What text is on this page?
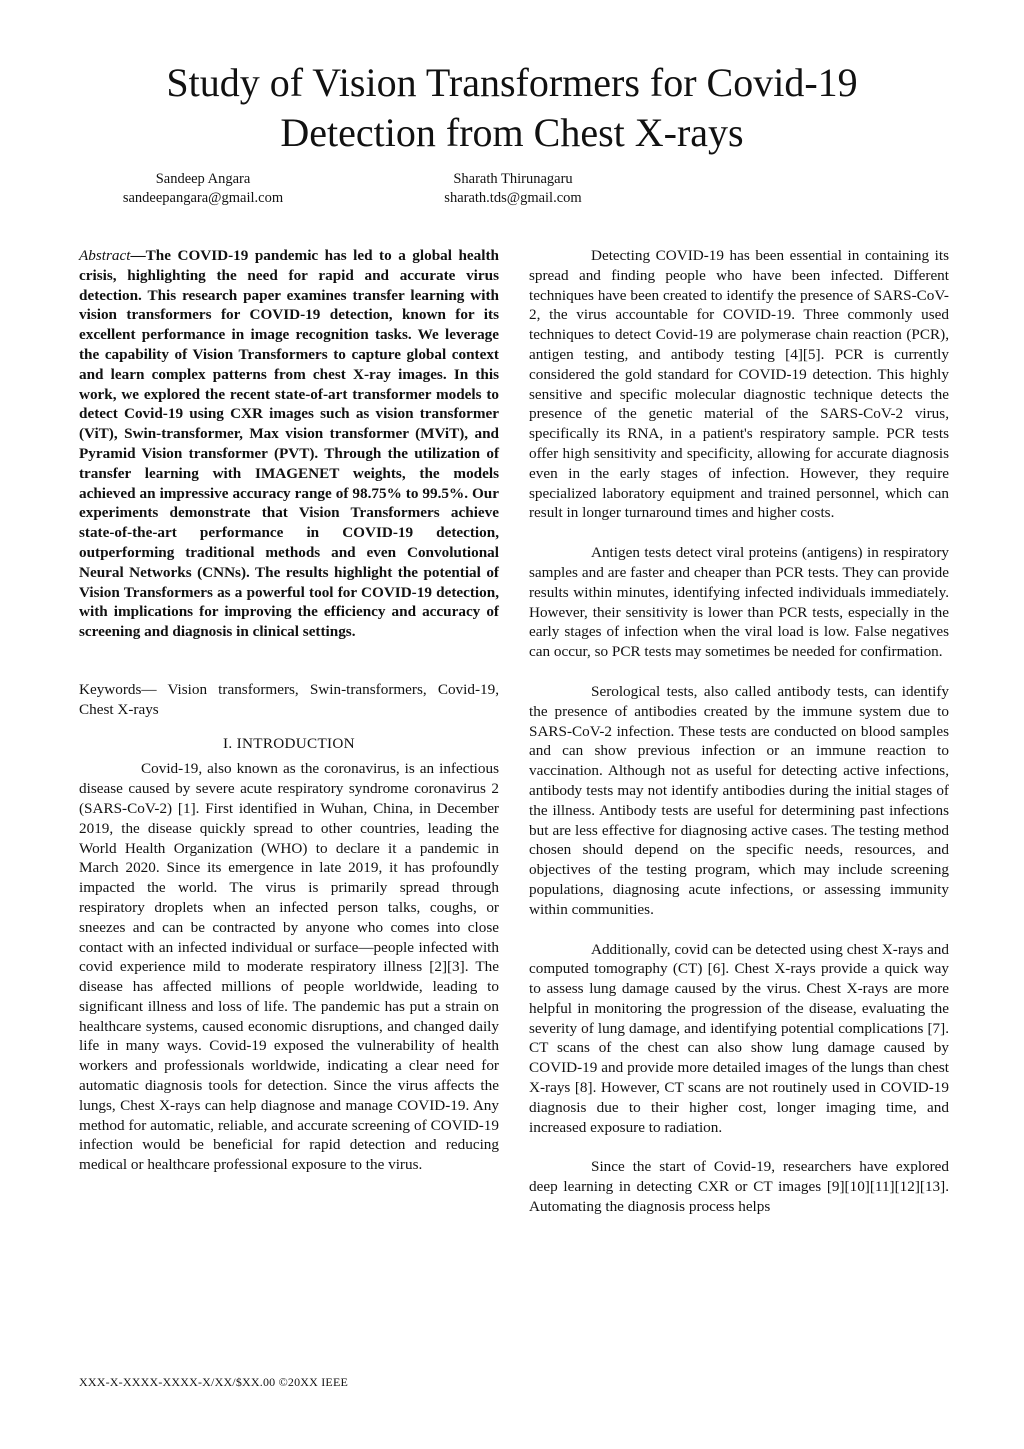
Study of Vision Transformers for Covid-19
Detection from Chest X-rays
Sandeep Angara
sandeepangara@gmail.com
Sharath Thirunagaru
sharath.tds@gmail.com

Abstract—The COVID-19 pandemic has led to a global health crisis, highlighting the need for rapid and accurate virus detection. This research paper examines transfer learning with vision transformers for COVID-19 detection, known for its excellent performance in image recognition tasks. We leverage the capability of Vision Transformers to capture global context and learn complex patterns from chest X-ray images. In this work, we explored the recent state-of-art transformer models to detect Covid-19 using CXR images such as vision transformer (ViT), Swin-transformer, Max vision transformer (MViT), and Pyramid Vision transformer (PVT). Through the utilization of transfer learning with IMAGENET weights, the models achieved an impressive accuracy range of 98.75% to 99.5%. Our experiments demonstrate that Vision Transformers achieve state-of-the-art performance in COVID-19 detection, outperforming traditional methods and even Convolutional Neural Networks (CNNs). The results highlight the potential of Vision Transformers as a powerful tool for COVID-19 detection, with implications for improving the efficiency and accuracy of screening and diagnosis in clinical settings.

Keywords— Vision transformers, Swin-transformers, Covid-19, Chest X-rays

I. INTRODUCTION

Covid-19, also known as the coronavirus, is an infectious disease caused by severe acute respiratory syndrome coronavirus 2 (SARS-CoV-2) [1]. First identified in Wuhan, China, in December 2019, the disease quickly spread to other countries, leading the World Health Organization (WHO) to declare it a pandemic in March 2020. Since its emergence in late 2019, it has profoundly impacted the world. The virus is primarily spread through respiratory droplets when an infected person talks, coughs, or sneezes and can be contracted by anyone who comes into close contact with an infected individual or surface—people infected with covid experience mild to moderate respiratory illness [2][3]. The disease has affected millions of people worldwide, leading to significant illness and loss of life. The pandemic has put a strain on healthcare systems, caused economic disruptions, and changed daily life in many ways. Covid-19 exposed the vulnerability of health workers and professionals worldwide, indicating a clear need for automatic diagnosis tools for detection. Since the virus affects the lungs, Chest X-rays can help diagnose and manage COVID-19. Any method for automatic, reliable, and accurate screening of COVID-19 infection would be beneficial for rapid detection and reducing medical or healthcare professional exposure to the virus.

Detecting COVID-19 has been essential in containing its spread and finding people who have been infected. Different techniques have been created to identify the presence of SARS-CoV-2, the virus accountable for COVID-19. Three commonly used techniques to detect Covid-19 are polymerase chain reaction (PCR), antigen testing, and antibody testing [4][5]. PCR is currently considered the gold standard for COVID-19 detection. This highly sensitive and specific molecular diagnostic technique detects the presence of the genetic material of the SARS-CoV-2 virus, specifically its RNA, in a patient's respiratory sample. PCR tests offer high sensitivity and specificity, allowing for accurate diagnosis even in the early stages of infection. However, they require specialized laboratory equipment and trained personnel, which can result in longer turnaround times and higher costs.

Antigen tests detect viral proteins (antigens) in respiratory samples and are faster and cheaper than PCR tests. They can provide results within minutes, identifying infected individuals immediately. However, their sensitivity is lower than PCR tests, especially in the early stages of infection when the viral load is low. False negatives can occur, so PCR tests may sometimes be needed for confirmation.

Serological tests, also called antibody tests, can identify the presence of antibodies created by the immune system due to SARS-CoV-2 infection. These tests are conducted on blood samples and can show previous infection or an immune reaction to vaccination. Although not as useful for detecting active infections, antibody tests may not identify antibodies during the initial stages of the illness. Antibody tests are useful for determining past infections but are less effective for diagnosing active cases. The testing method chosen should depend on the specific needs, resources, and objectives of the testing program, which may include screening populations, diagnosing acute infections, or assessing immunity within communities.

Additionally, covid can be detected using chest X-rays and computed tomography (CT) [6]. Chest X-rays provide a quick way to assess lung damage caused by the virus. Chest X-rays are more helpful in monitoring the progression of the disease, evaluating the severity of lung damage, and identifying potential complications [7]. CT scans of the chest can also show lung damage caused by COVID-19 and provide more detailed images of the lungs than chest X-rays [8]. However, CT scans are not routinely used in COVID-19 diagnosis due to their higher cost, longer imaging time, and increased exposure to radiation.

Since the start of Covid-19, researchers have explored deep learning in detecting CXR or CT images [9][10][11][12][13]. Automating the diagnosis process helps

XXX-X-XXXX-XXXX-X/XX/$XX.00 ©20XX IEEE
